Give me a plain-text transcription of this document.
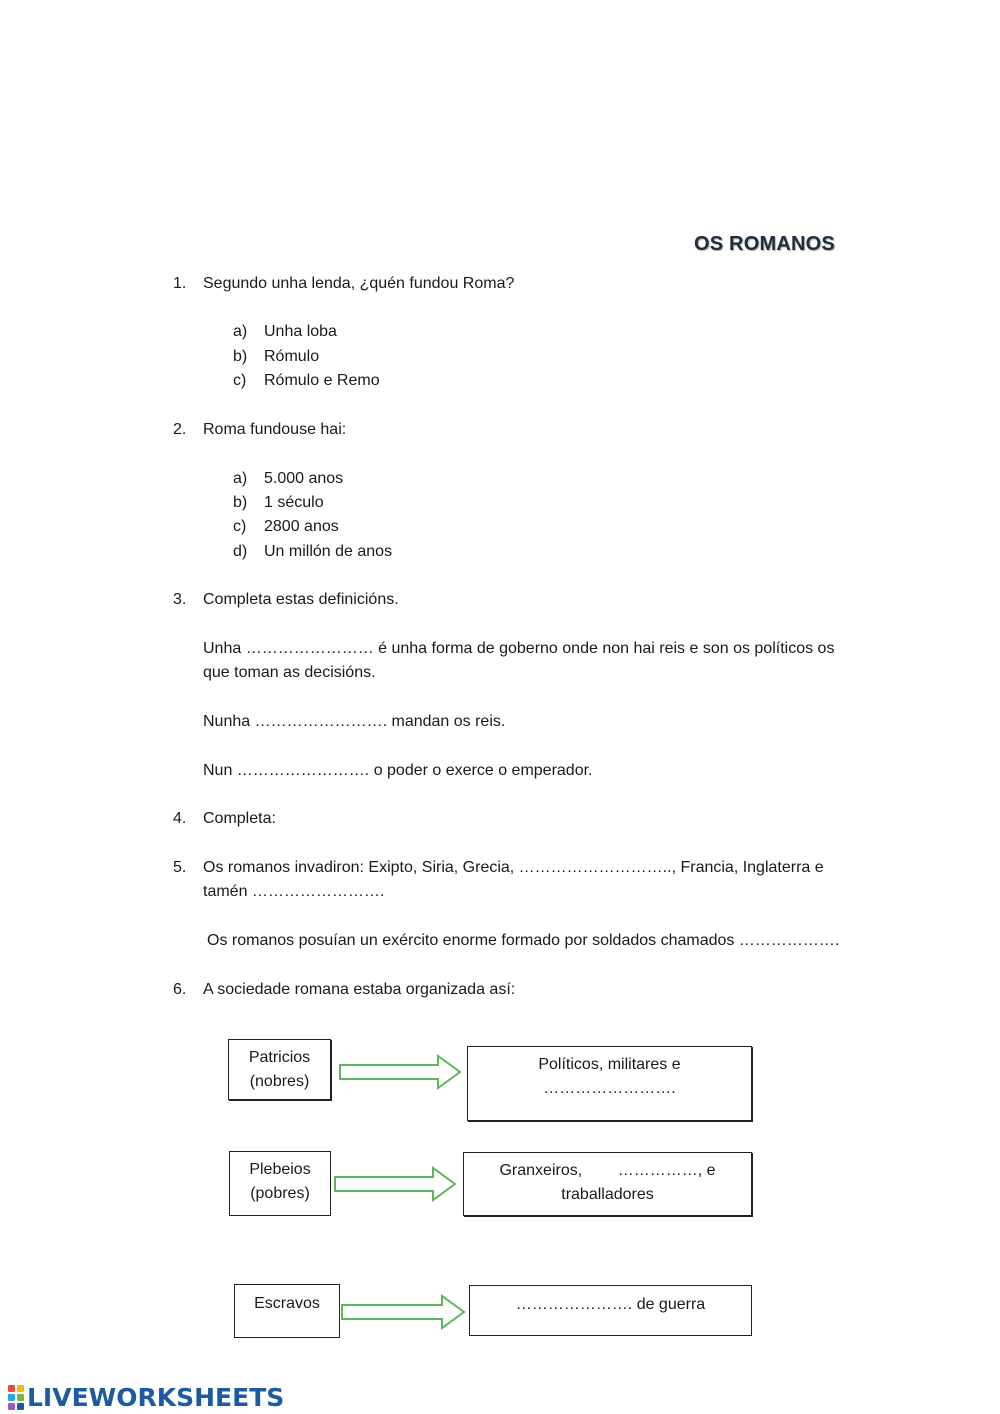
OS ROMANOS
1.	Segundo unha lenda, ¿quén fundou Roma?
a) Unha loba
b) Rómulo
c) Rómulo e Remo
2.	Roma fundouse hai:
a) 5.000 anos
b) 1 século
c) 2800 anos
d) Un millón de anos
3.	Completa estas definicións.
Unha …………………… é unha forma de goberno onde non hai reis e son os políticos os
que toman as decisións.
Nunha ……………………. mandan os reis.
Nun ……………………. o poder o exerce o emperador.
4.	Completa:
5.	Os romanos invadiron: Exipto, Siria, Grecia, ……………………….., Francia, Inglaterra e
tamén …………………….
Os romanos posuían un exército enorme formado por soldados chamados ……………….
6.	A sociedade romana estaba organizada así:
Patricios
(nobres)
Políticos, militares e
…………………….
Plebeios
(pobres)
Granxeiros,        ……………, e
traballadores
Escravos	…………………. de guerra
LIVEWORKSHEETS
